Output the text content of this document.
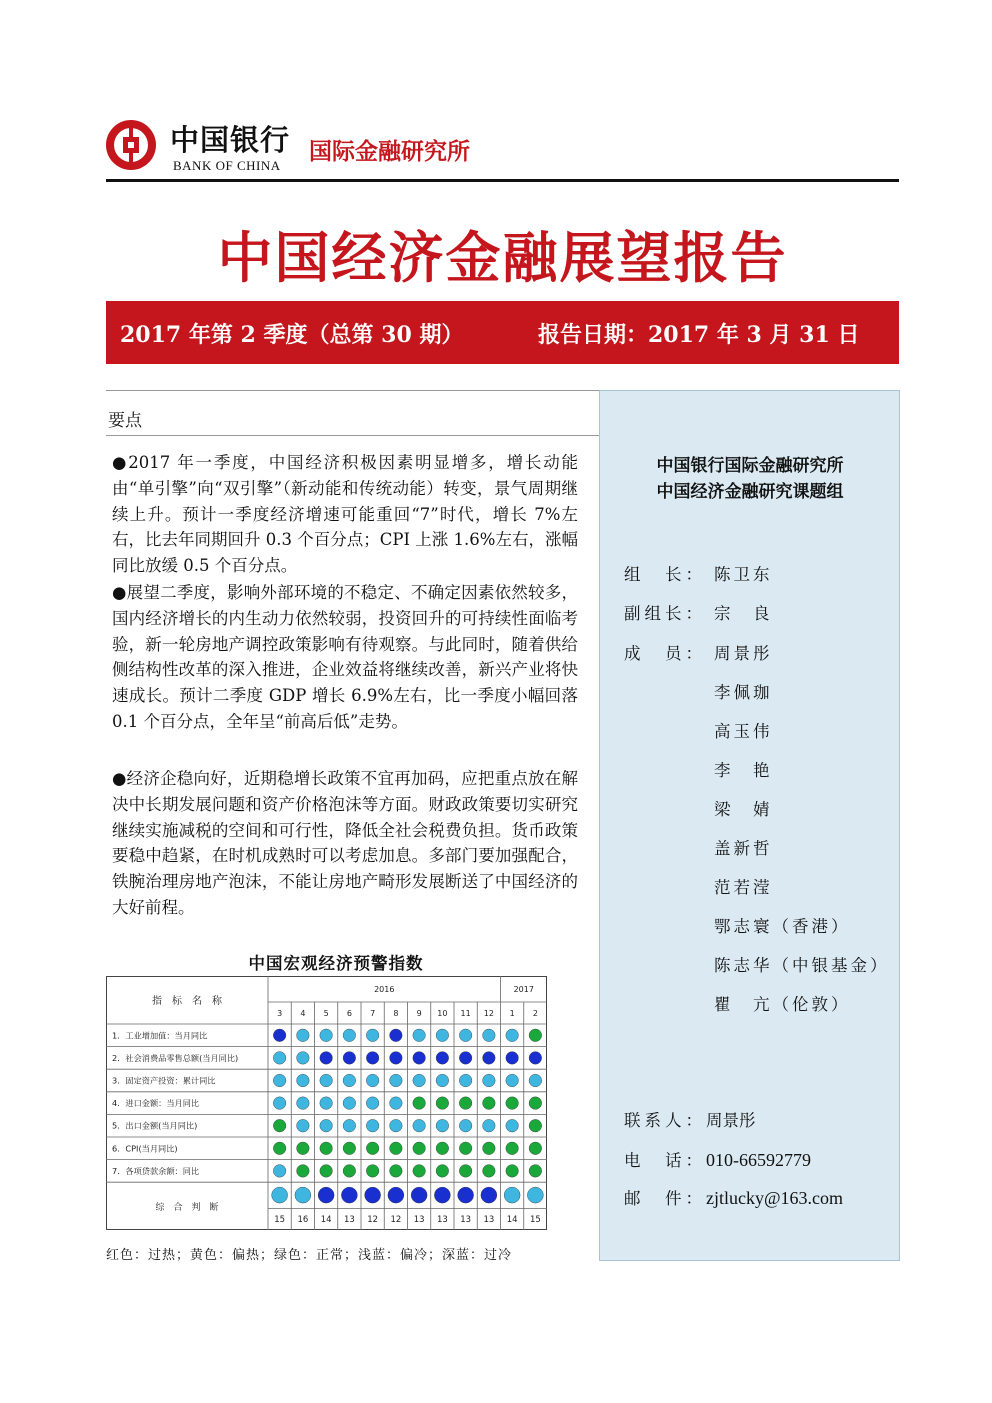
中国银行
BANK OF CHINA
国际金融研究所
中国经济金融展望报告
2017 年第 2 季度（总第 30 期）	报告日期：2017 年 3 月 31 日
要点
●2017 年一季度，中国经济积极因素明显增多，增长动能由“单引擎”向“双引擎”（新动能和传统动能）转变，景气周期继续上升。预计一季度经济增速可能重回“7”时代，增长 7%左右，比去年同期回升 0.3 个百分点；CPI 上涨 1.6%左右，涨幅同比放缓 0.5 个百分点。
●展望二季度，影响外部环境的不稳定、不确定因素依然较多，国内经济增长的内生动力依然较弱，投资回升的可持续性面临考验，新一轮房地产调控政策影响有待观察。与此同时，随着供给侧结构性改革的深入推进，企业效益将继续改善，新兴产业将快速成长。预计二季度 GDP 增长 6.9%左右，比一季度小幅回落 0.1 个百分点，全年呈“前高后低”走势。
●经济企稳向好，近期稳增长政策不宜再加码，应把重点放在解决中长期发展问题和资产价格泡沫等方面。财政政策要切实研究继续实施减税的空间和可行性，降低全社会税费负担。货币政策要稳中趋紧，在时机成熟时可以考虑加息。多部门要加强配合，铁腕治理房地产泡沫，不能让房地产畸形发展断送了中国经济的大好前程。
中国银行国际金融研究所
中国经济金融研究课题组
组　长： 陈卫东
副组长： 宗　良
成　员： 周景彤
李佩珈
高玉伟
李　艳
梁　婧
盖新哲
范若滢
鄂志寰（香港）
陈志华（中银基金）
瞿　亢（伦敦）
联系人：周景彤
电　话：010-66592779
邮　件：zjtlucky@163.com
中国宏观经济预警指数
指　标　名　称
2016	2017
3 4 5 6 7 8 9 10 11 12 1 2
1．工业增加值：当月同比
2．社会消费品零售总额(当月同比)
3．固定资产投资：累计同比
4．进口金额：当月同比
5．出口金额(当月同比)
6．CPI(当月同比)
7．各项贷款余额：同比
综　合　判　断
15 16 14 13 12 12 13 13 13 13 14 15
红色：过热；黄色：偏热；绿色：正常；浅蓝：偏冷；深蓝：过冷
